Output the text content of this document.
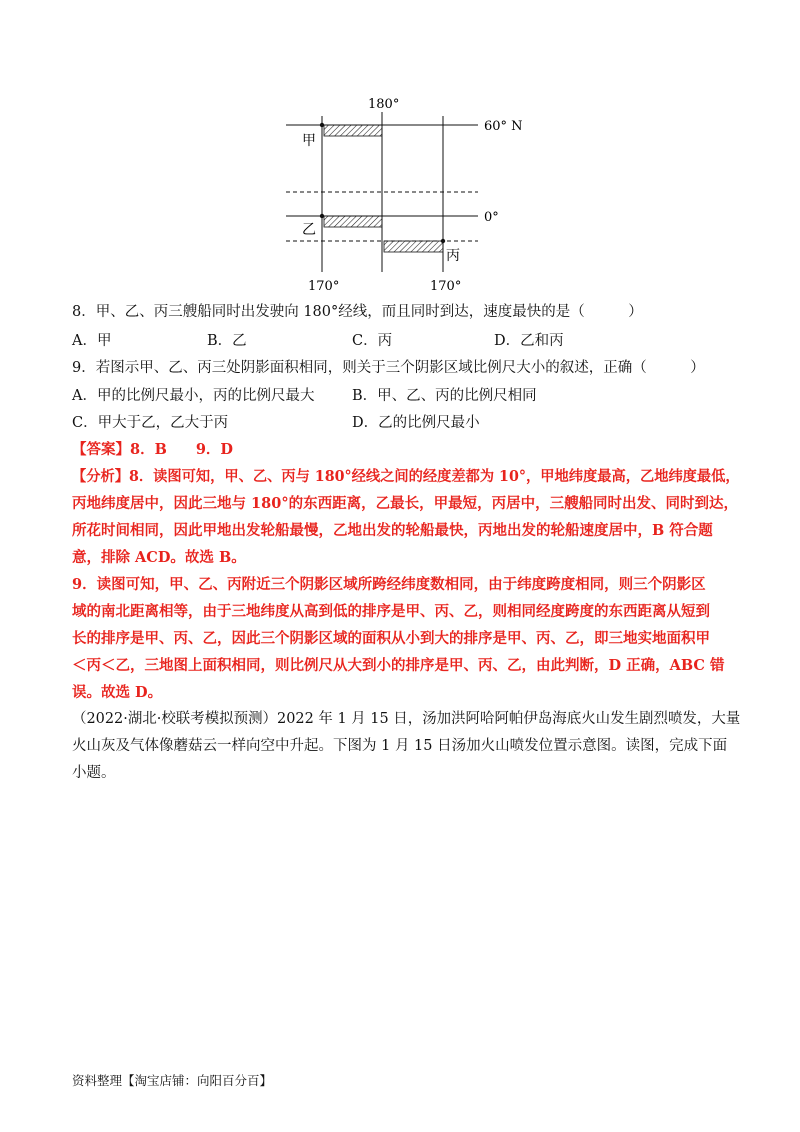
180°
60° N
0°
甲
乙
丙
170°	170°
8．甲、乙、丙三艘船同时出发驶向 180°经线，而且同时到达，速度最快的是（　　　）
A．甲	B．乙	C．丙	D．乙和丙
9．若图示甲、乙、丙三处阴影面积相同，则关于三个阴影区域比例尺大小的叙述，正确（　　　）
A．甲的比例尺最小，丙的比例尺最大	B．甲、乙、丙的比例尺相同
C．甲大于乙，乙大于丙	D．乙的比例尺最小
【答案】8．B　　9．D
【分析】8．读图可知，甲、乙、丙与 180°经线之间的经度差都为 10°，甲地纬度最高，乙地纬度最低，
丙地纬度居中，因此三地与 180°的东西距离，乙最长，甲最短，丙居中，三艘船同时出发、同时到达，
所花时间相同，因此甲地出发轮船最慢，乙地出发的轮船最快，丙地出发的轮船速度居中，B 符合题
意，排除 ACD。故选 B。
9．读图可知，甲、乙、丙附近三个阴影区域所跨经纬度数相同，由于纬度跨度相同，则三个阴影区
域的南北距离相等，由于三地纬度从高到低的排序是甲、丙、乙，则相同经度跨度的东西距离从短到
长的排序是甲、丙、乙，因此三个阴影区域的面积从小到大的排序是甲、丙、乙，即三地实地面积甲
＜丙＜乙，三地图上面积相同，则比例尺从大到小的排序是甲、丙、乙，由此判断，D 正确，ABC 错
误。故选 D。
（2022·湖北·校联考模拟预测）2022 年 1 月 15 日，汤加洪阿哈阿帕伊岛海底火山发生剧烈喷发，大量
火山灰及气体像蘑菇云一样向空中升起。下图为 1 月 15 日汤加火山喷发位置示意图。读图，完成下面
小题。
资料整理【淘宝店铺：向阳百分百】
